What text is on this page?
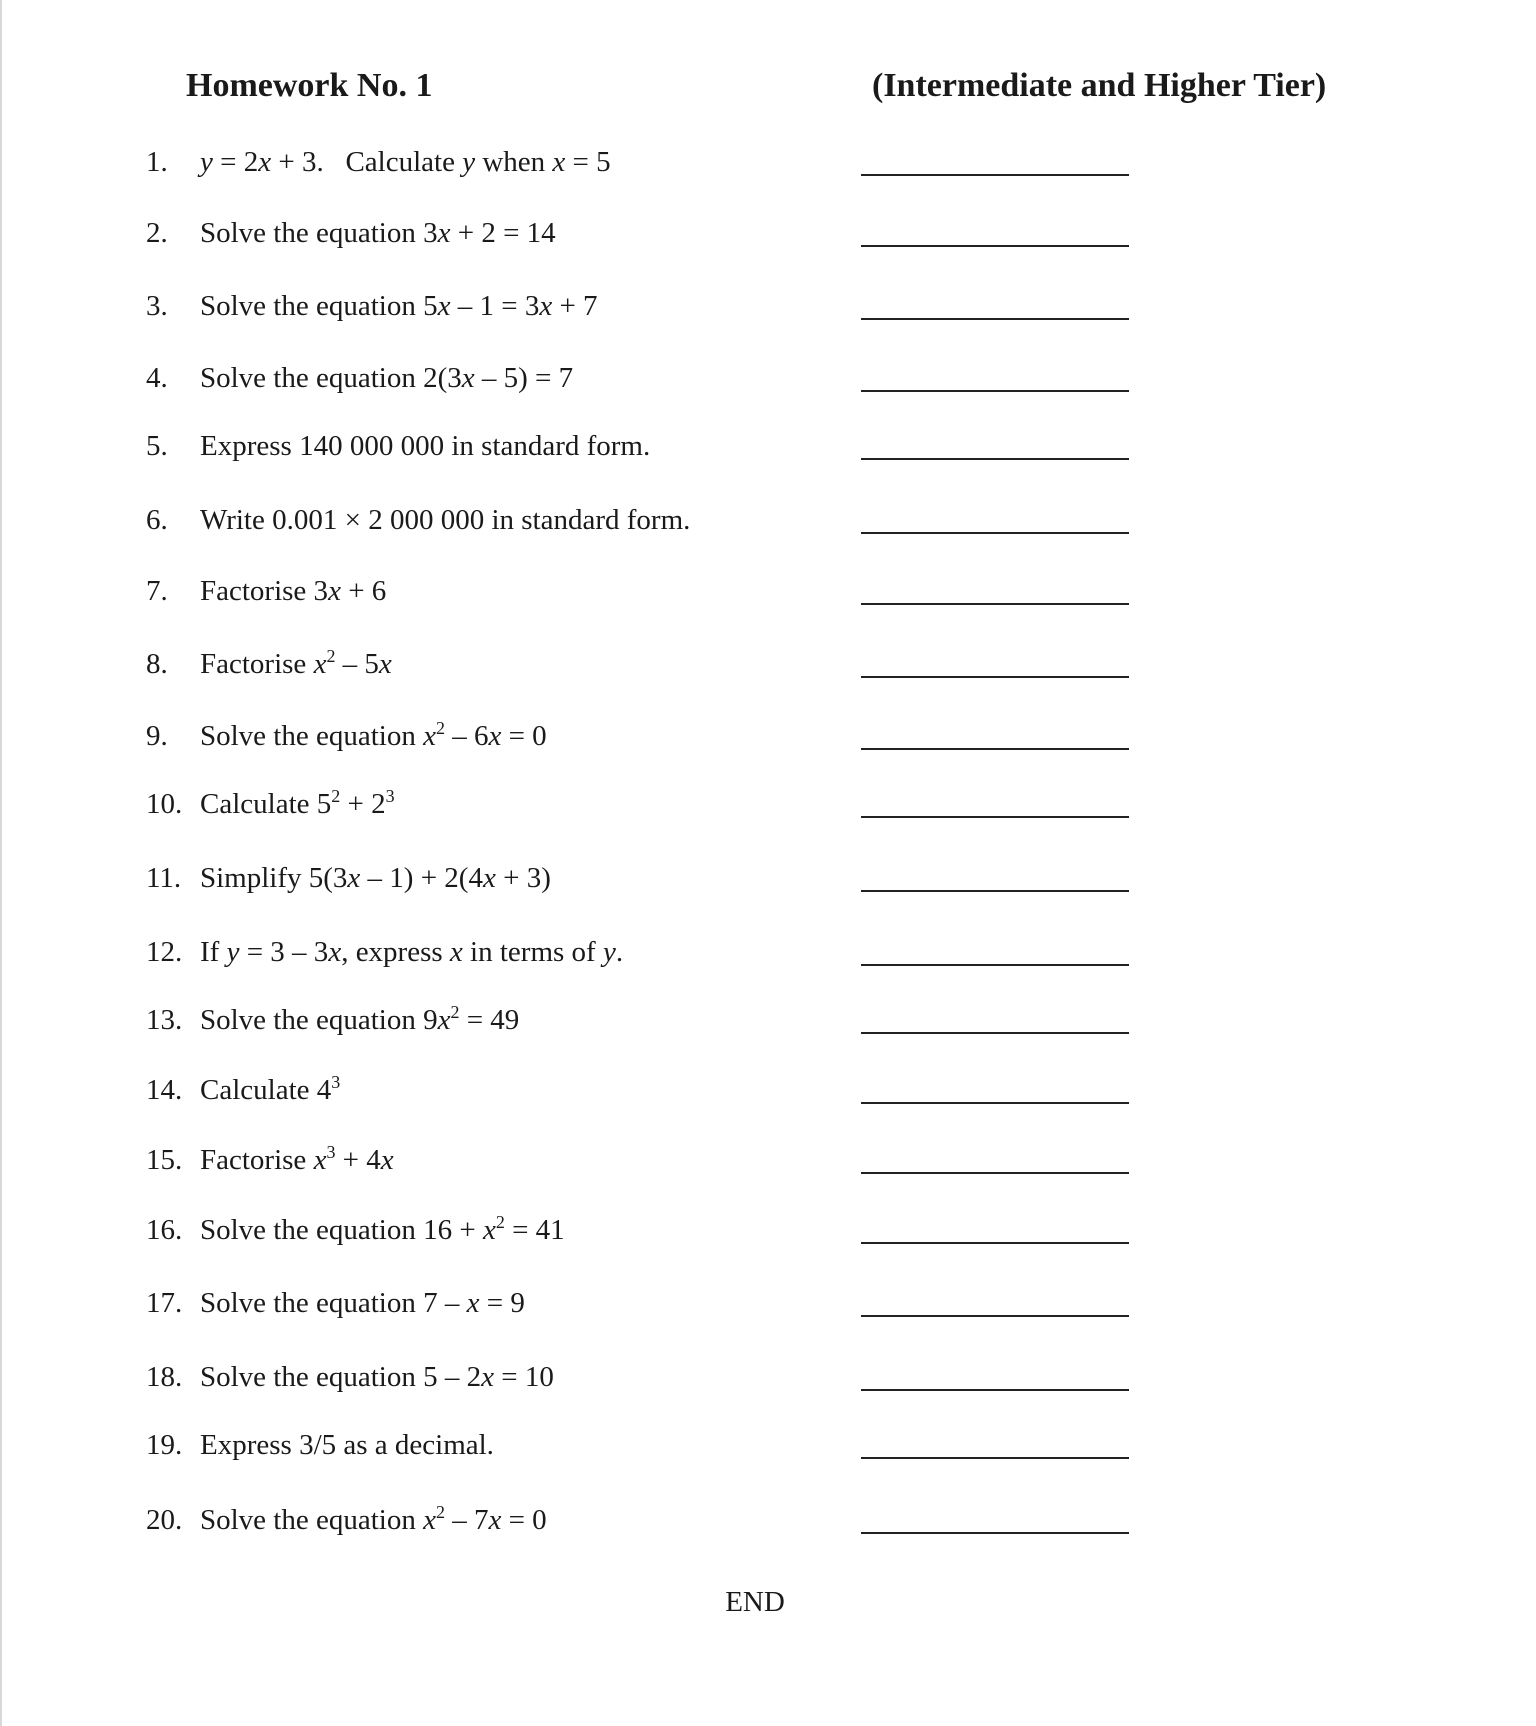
Homework No. 1	(Intermediate and Higher Tier)
1. y = 2x + 3.   Calculate y when x = 5
2. Solve the equation 3x + 2 = 14
3. Solve the equation 5x – 1 = 3x + 7
4. Solve the equation 2(3x – 5) = 7
5. Express 140 000 000 in standard form.
6. Write 0.001 × 2 000 000 in standard form.
7. Factorise 3x + 6
8. Factorise $x^2 - 5x$
9. Solve the equation $x^2 - 6x = 0$
10. Calculate $5^2 + 2^3$
11. Simplify 5(3x – 1) + 2(4x + 3)
12. If y = 3 – 3x, express x in terms of y.
13. Solve the equation $9x^2 = 49$
14. Calculate $4^3$
15. Factorise $x^3 + 4x$
16. Solve the equation $16 + x^2 = 41$
17. Solve the equation 7 – x = 9
18. Solve the equation 5 – 2x = 10
19. Express 3/5 as a decimal.
20. Solve the equation $x^2 - 7x = 0$
END
